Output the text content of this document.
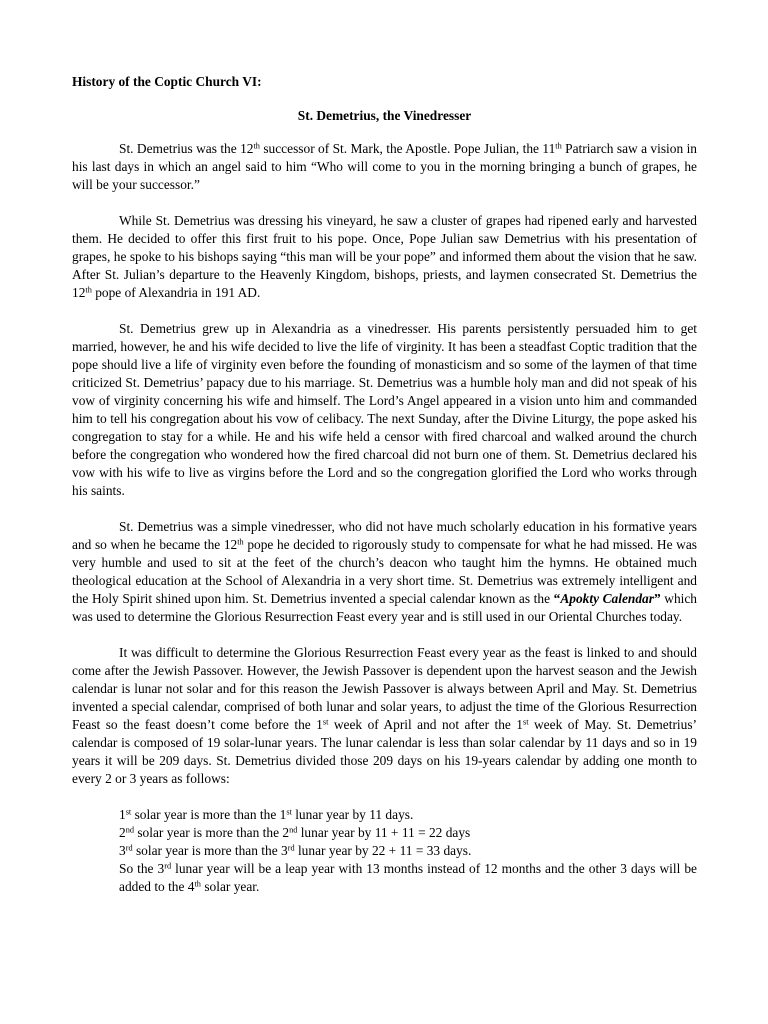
History of the Coptic Church VI:
St. Demetrius, the Vinedresser

St. Demetrius was the 12th successor of St. Mark, the Apostle. Pope Julian, the 11th Patriarch saw a vision in his last days in which an angel said to him “Who will come to you in the morning bringing a bunch of grapes, he will be your successor.”

While St. Demetrius was dressing his vineyard, he saw a cluster of grapes had ripened early and harvested them. He decided to offer this first fruit to his pope. Once, Pope Julian saw Demetrius with his presentation of grapes, he spoke to his bishops saying “this man will be your pope” and informed them about the vision that he saw. After St. Julian’s departure to the Heavenly Kingdom, bishops, priests, and laymen consecrated St. Demetrius the 12th pope of Alexandria in 191 AD.

St. Demetrius grew up in Alexandria as a vinedresser. His parents persistently persuaded him to get married, however, he and his wife decided to live the life of virginity. It has been a steadfast Coptic tradition that the pope should live a life of virginity even before the founding of monasticism and so some of the laymen of that time criticized St. Demetrius’ papacy due to his marriage. St. Demetrius was a humble holy man and did not speak of his vow of virginity concerning his wife and himself. The Lord’s Angel appeared in a vision unto him and commanded him to tell his congregation about his vow of celibacy. The next Sunday, after the Divine Liturgy, the pope asked his congregation to stay for a while. He and his wife held a censor with fired charcoal and walked around the church before the congregation who wondered how the fired charcoal did not burn one of them. St. Demetrius declared his vow with his wife to live as virgins before the Lord and so the congregation glorified the Lord who works through his saints.

St. Demetrius was a simple vinedresser, who did not have much scholarly education in his formative years and so when he became the 12th pope he decided to rigorously study to compensate for what he had missed. He was very humble and used to sit at the feet of the church’s deacon who taught him the hymns. He obtained much theological education at the School of Alexandria in a very short time. St. Demetrius was extremely intelligent and the Holy Spirit shined upon him. St. Demetrius invented a special calendar known as the “Apokty Calendar” which was used to determine the Glorious Resurrection Feast every year and is still used in our Oriental Churches today.

It was difficult to determine the Glorious Resurrection Feast every year as the feast is linked to and should come after the Jewish Passover. However, the Jewish Passover is dependent upon the harvest season and the Jewish calendar is lunar not solar and for this reason the Jewish Passover is always between April and May. St. Demetrius invented a special calendar, comprised of both lunar and solar years, to adjust the time of the Glorious Resurrection Feast so the feast doesn’t come before the 1st week of April and not after the 1st week of May. St. Demetrius’ calendar is composed of 19 solar-lunar years. The lunar calendar is less than solar calendar by 11 days and so in 19 years it will be 209 days. St. Demetrius divided those 209 days on his 19-years calendar by adding one month to every 2 or 3 years as follows:

1st solar year is more than the 1st lunar year by 11 days.
2nd solar year is more than the 2nd lunar year by 11 + 11 = 22 days
3rd solar year is more than the 3rd lunar year by 22 + 11 = 33 days.
So the 3rd lunar year will be a leap year with 13 months instead of 12 months and the other 3 days will be added to the 4th solar year.
